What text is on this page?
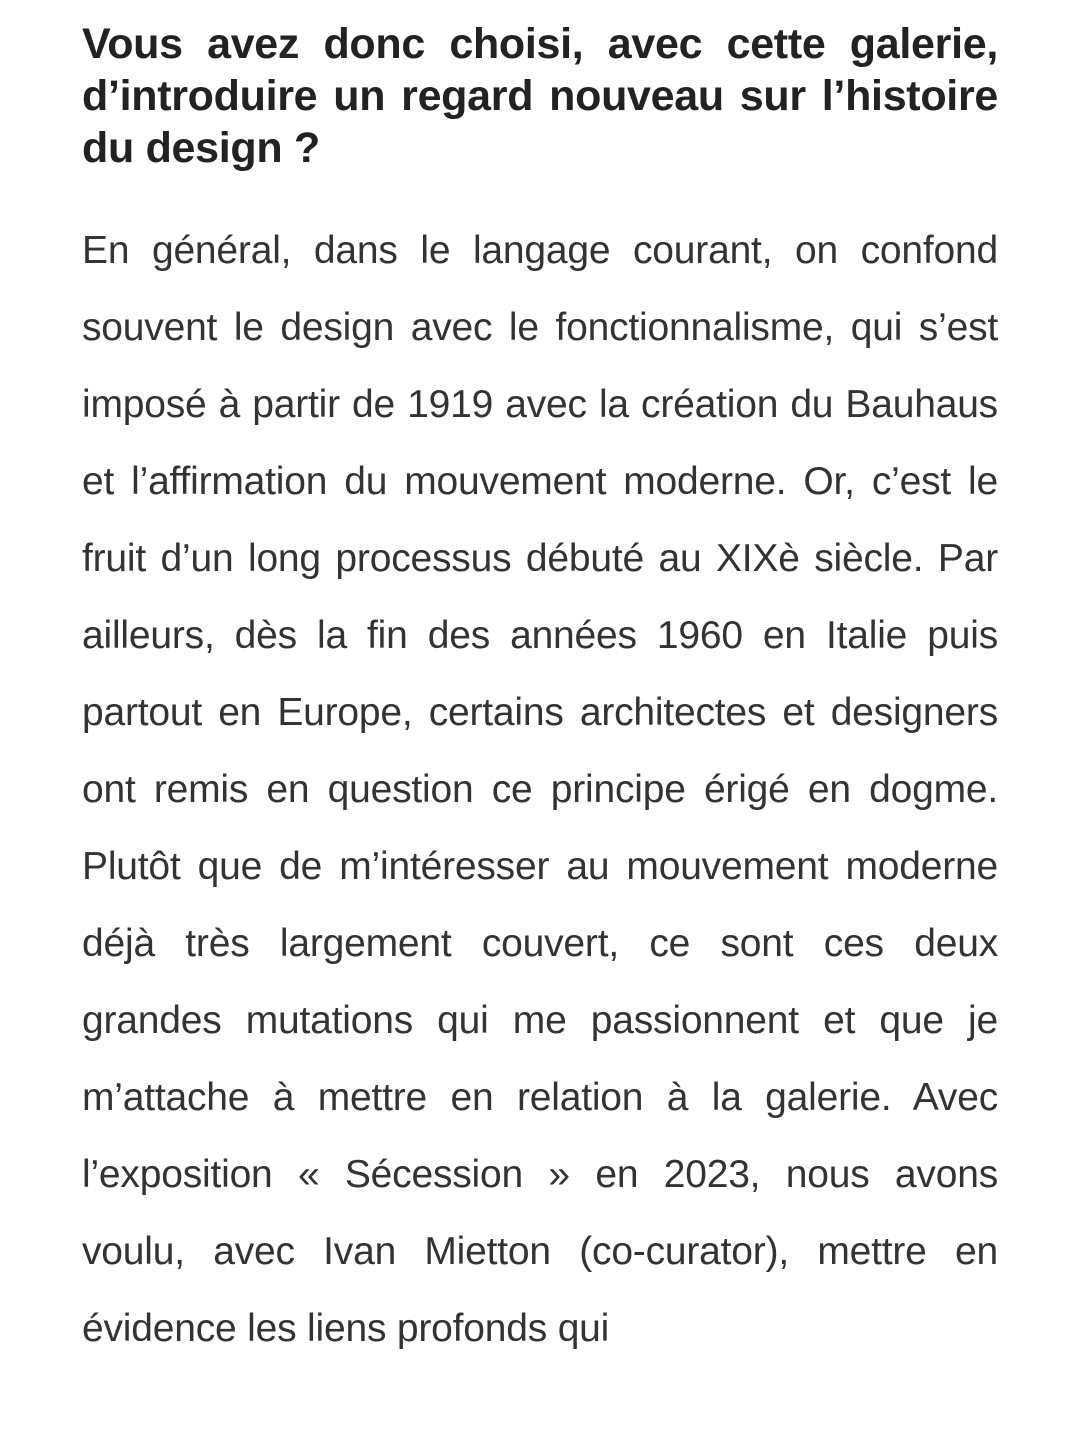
Vous avez donc choisi, avec cette galerie, d’introduire un regard nouveau sur l’histoire du design ?

En général, dans le langage courant, on confond souvent le design avec le fonctionnalisme, qui s’est imposé à partir de 1919 avec la création du Bauhaus et l’affirmation du mouvement moderne. Or, c’est le fruit d’un long processus débuté au XIXè siècle. Par ailleurs, dès la fin des années 1960 en Italie puis partout en Europe, certains architectes et designers ont remis en question ce principe érigé en dogme. Plutôt que de m’intéresser au mouvement moderne déjà très largement couvert, ce sont ces deux grandes mutations qui me passionnent et que je m’attache à mettre en relation à la galerie. Avec l’exposition « Sécession » en 2023, nous avons voulu, avec Ivan Mietton (co-curator), mettre en évidence les liens profonds qui
